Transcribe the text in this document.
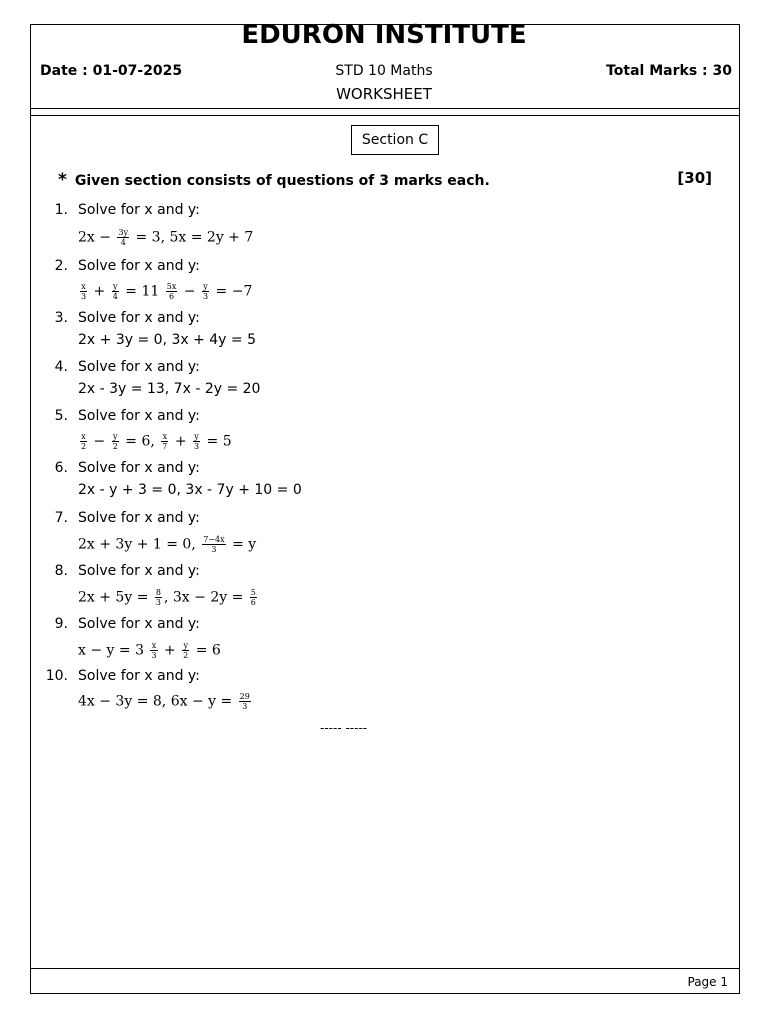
EDURON INSTITUTE
Date : 01-07-2025	STD 10 Maths	Total Marks : 30
WORKSHEET
Section C
* Given section consists of questions of 3 marks each.	[30]
1. Solve for x and y:
$2x - \frac{3y}{4} = 3$, 5x = 2y + 7
2. Solve for x and y:
$\frac{x}{3} + \frac{y}{4} = 11 \frac{5x}{6} - \frac{y}{3} = -7$
3. Solve for x and y:
2x + 3y = 0, 3x + 4y = 5
4. Solve for x and y:
2x - 3y = 13, 7x - 2y = 20
5. Solve for x and y:
$\frac{x}{2} - \frac{y}{2} = 6$, $\frac{x}{7} + \frac{y}{3} = 5$
6. Solve for x and y:
2x - y + 3 = 0, 3x - 7y + 10 = 0
7. Solve for x and y:
2x + 3y + 1 = 0, $\frac{7-4x}{3} = y$
8. Solve for x and y:
$2x + 5y = \frac{8}{3}$ , $3x - 2y = \frac{5}{6}$
9. Solve for x and y:
$x - y = 3 \frac{x}{3} + \frac{y}{2} = 6$
10. Solve for x and y:
4x − 3y = 8, $6x - y = \frac{29}{3}$
----- -----
Page 1
